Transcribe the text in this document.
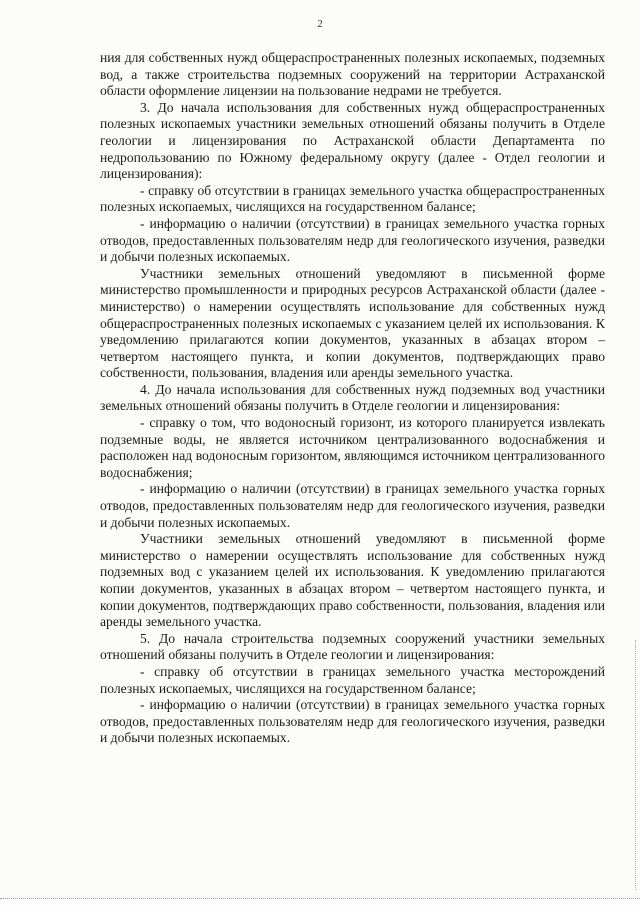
2

ния для собственных нужд общераспространенных полезных ископаемых, подземных вод, а также строительства подземных сооружений на территории Астраханской области оформление лицензии на пользование недрами не требуется.

3. До начала использования для собственных нужд общераспространенных полезных ископаемых участники земельных отношений обязаны получить в Отделе геологии и лицензирования по Астраханской области Департамента по недропользованию по Южному федеральному округу (далее - Отдел геологии и лицензирования):

- справку об отсутствии в границах земельного участка общераспространенных полезных ископаемых, числящихся на государственном балансе;

- информацию о наличии (отсутствии) в границах земельного участка горных отводов, предоставленных пользователям недр для геологического изучения, разведки и добычи полезных ископаемых.

Участники земельных отношений уведомляют в письменной форме министерство промышленности и природных ресурсов Астраханской области (далее - министерство) о намерении осуществлять использование для собственных нужд общераспространенных полезных ископаемых с указанием целей их использования. К уведомлению прилагаются копии документов, указанных в абзацах втором – четвертом настоящего пункта, и копии документов, подтверждающих право собственности, пользования, владения или аренды земельного участка.

4. До начала использования для собственных нужд подземных вод участники земельных отношений обязаны получить в Отделе геологии и лицензирования:

- справку о том, что водоносный горизонт, из которого планируется извлекать подземные воды, не является источником централизованного водоснабжения и расположен над водоносным горизонтом, являющимся источником централизованного водоснабжения;

- информацию о наличии (отсутствии) в границах земельного участка горных отводов, предоставленных пользователям недр для геологического изучения, разведки и добычи полезных ископаемых.

Участники земельных отношений уведомляют в письменной форме министерство о намерении осуществлять использование для собственных нужд подземных вод с указанием целей их использования. К уведомлению прилагаются копии документов, указанных в абзацах втором – четвертом настоящего пункта, и копии документов, подтверждающих право собственности, пользования, владения или аренды земельного участка.

5. До начала строительства подземных сооружений участники земельных отношений обязаны получить в Отделе геологии и лицензирования:

- справку об отсутствии в границах земельного участка месторождений полезных ископаемых, числящихся на государственном балансе;

- информацию о наличии (отсутствии) в границах земельного участка горных отводов, предоставленных пользователям недр для геологического изучения, разведки и добычи полезных ископаемых.
